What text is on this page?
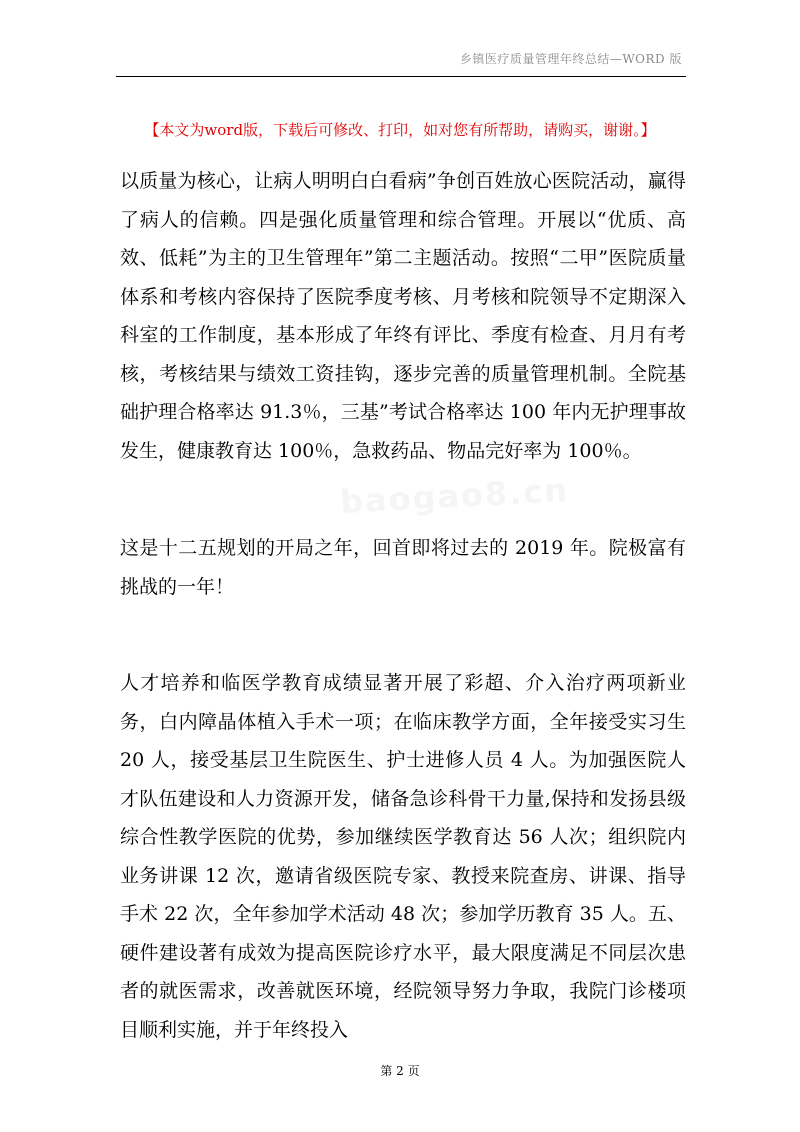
乡镇医疗质量管理年终总结—WORD 版
【本文为word版，下载后可修改、打印，如对您有所帮助，请购买，谢谢。】
baogao8.cn

以质量为核心，让病人明明白白看病”争创百姓放心医院活动，赢得了病人的信赖。四是强化质量管理和综合管理。开展以“优质、高效、低耗”为主的卫生管理年”第二主题活动。按照“二甲”医院质量体系和考核内容保持了医院季度考核、月考核和院领导不定期深入科室的工作制度，基本形成了年终有评比、季度有检查、月月有考核，考核结果与绩效工资挂钩，逐步完善的质量管理机制。全院基础护理合格率达 91.3％，三基”考试合格率达 100 年内无护理事故发生，健康教育达 100％，急救药品、物品完好率为 100％。

这是十二五规划的开局之年，回首即将过去的 2019 年。院极富有挑战的一年！

人才培养和临医学教育成绩显著开展了彩超、介入治疗两项新业务，白内障晶体植入手术一项；在临床教学方面，全年接受实习生 20 人，接受基层卫生院医生、护士进修人员 4 人。为加强医院人才队伍建设和人力资源开发，储备急诊科骨干力量,保持和发扬县级综合性教学医院的优势，参加继续医学教育达 56 人次；组织院内业务讲课 12 次，邀请省级医院专家、教授来院查房、讲课、指导手术 22 次，全年参加学术活动 48 次；参加学历教育 35 人。五、硬件建设著有成效为提高医院诊疗水平，最大限度满足不同层次患者的就医需求，改善就医环境，经院领导努力争取，我院门诊楼项目顺利实施，并于年终投入

第 2 页
